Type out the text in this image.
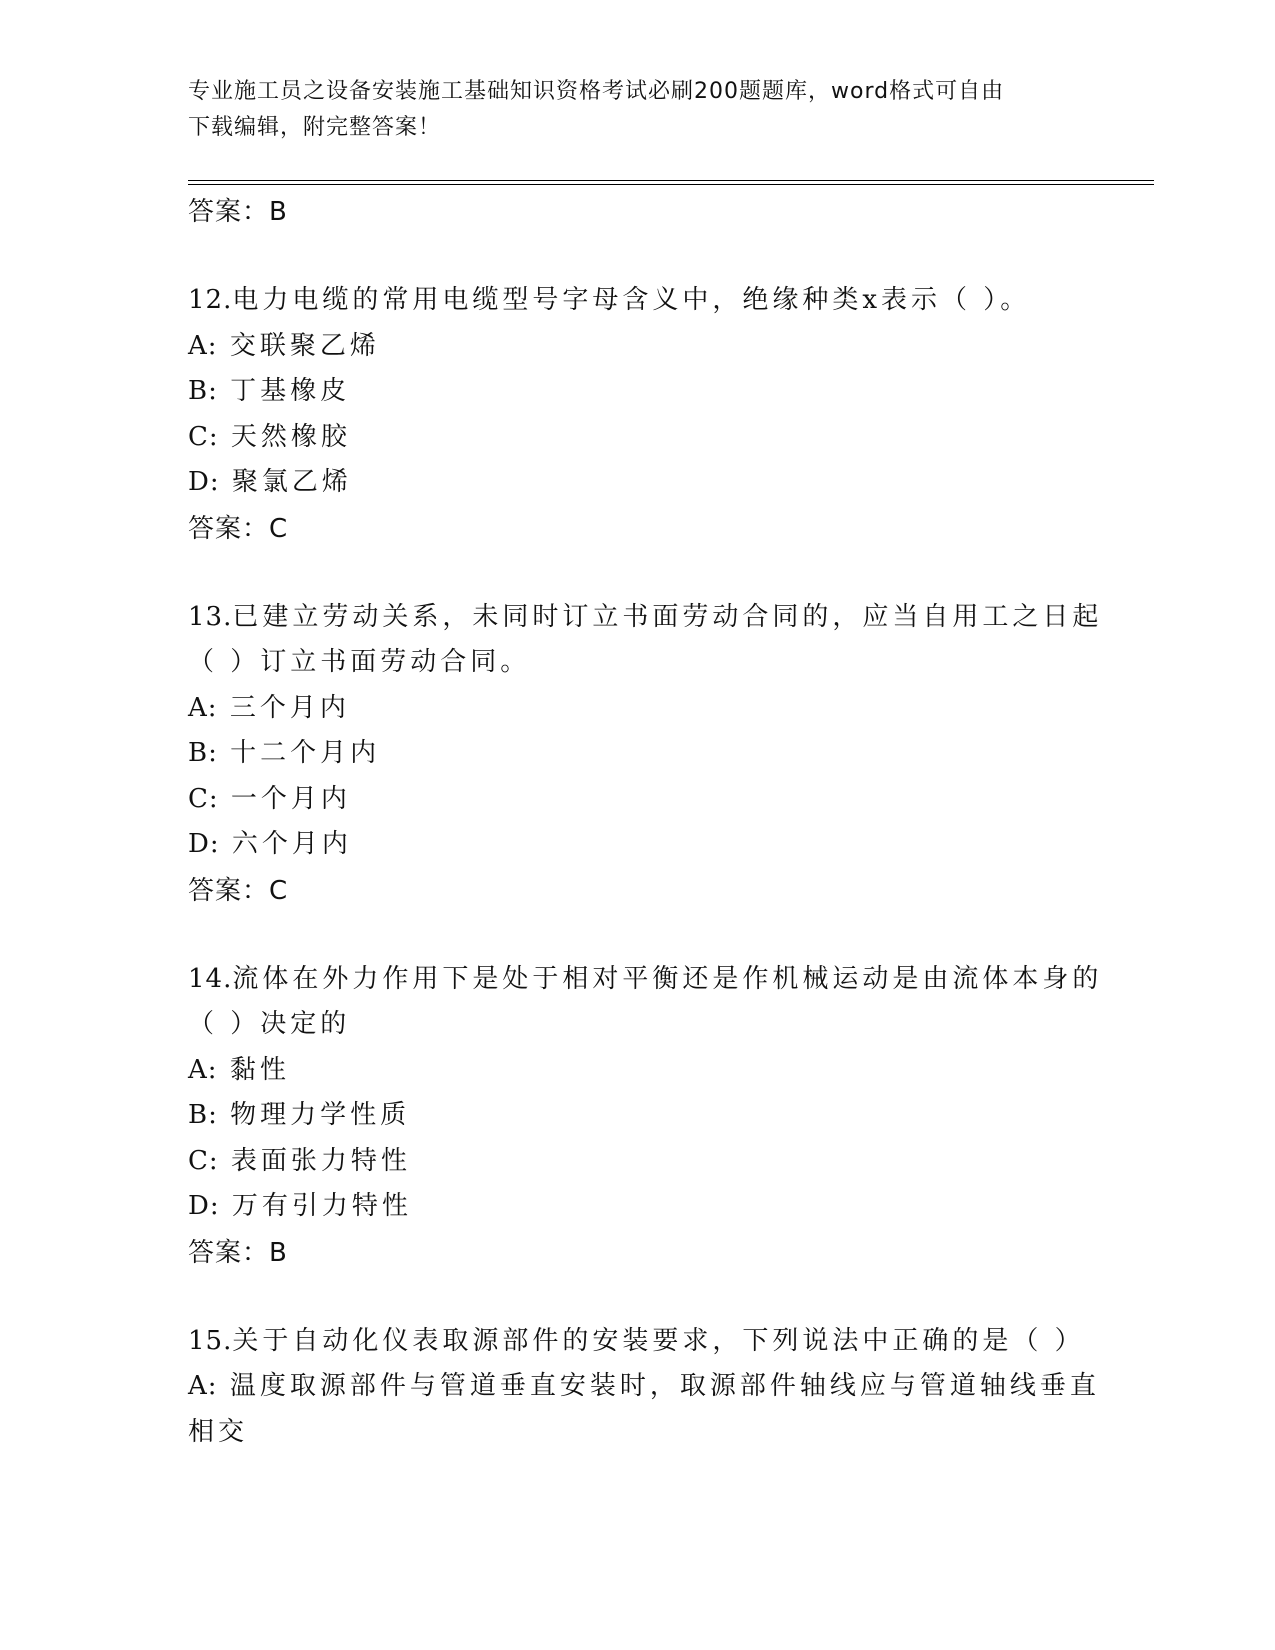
专业施工员之设备安装施工基础知识资格考试必刷200题题库，word格式可自由
下载编辑，附完整答案！
答案：B
12.电力电缆的常用电缆型号字母含义中，绝缘种类x表示（ ）。
A: 交联聚乙烯
B: 丁基橡皮
C: 天然橡胶
D: 聚氯乙烯
答案：C
13.已建立劳动关系，未同时订立书面劳动合同的，应当自用工之日起
（ ）订立书面劳动合同。
A: 三个月内
B: 十二个月内
C: 一个月内
D: 六个月内
答案：C
14.流体在外力作用下是处于相对平衡还是作机械运动是由流体本身的
（ ）决定的
A: 黏性
B: 物理力学性质
C: 表面张力特性
D: 万有引力特性
答案：B
15.关于自动化仪表取源部件的安装要求，下列说法中正确的是（ ）
A: 温度取源部件与管道垂直安装时，取源部件轴线应与管道轴线垂直
相交
